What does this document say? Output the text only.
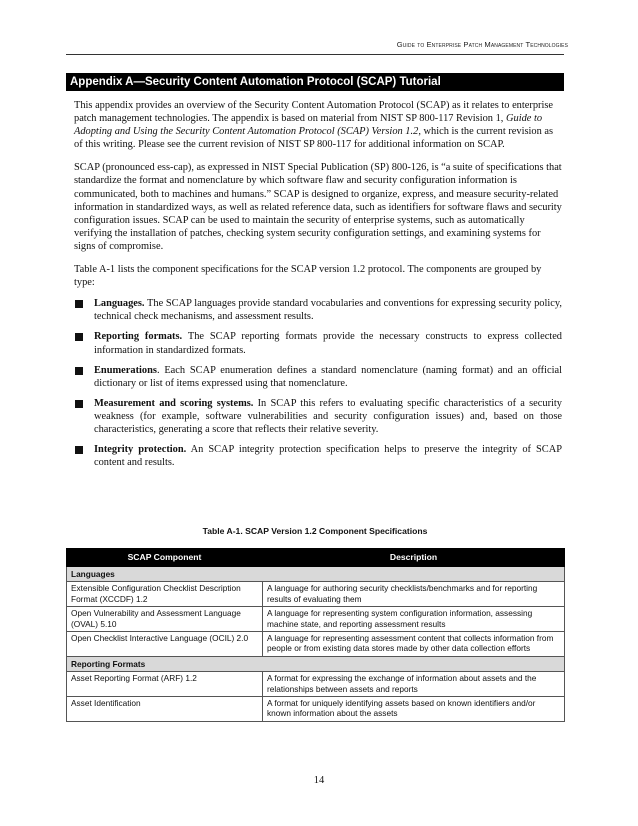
Guide to Enterprise Patch Management Technologies
Appendix A—Security Content Automation Protocol (SCAP) Tutorial

This appendix provides an overview of the Security Content Automation Protocol (SCAP) as it relates to enterprise patch management technologies. The appendix is based on material from NIST SP 800-117 Revision 1, Guide to Adopting and Using the Security Content Automation Protocol (SCAP) Version 1.2, which is the current revision as of this writing. Please see the current revision of NIST SP 800-117 for additional information on SCAP.

SCAP (pronounced ess-cap), as expressed in NIST Special Publication (SP) 800-126, is “a suite of specifications that standardize the format and nomenclature by which software flaw and security configuration information is communicated, both to machines and humans.” SCAP is designed to organize, express, and measure security-related information in standardized ways, as well as related reference data, such as identifiers for software flaws and security configuration issues. SCAP can be used to maintain the security of enterprise systems, such as automatically verifying the installation of patches, checking system security configuration settings, and examining systems for signs of compromise.

Table A-1 lists the component specifications for the SCAP version 1.2 protocol. The components are grouped by type:

Languages. The SCAP languages provide standard vocabularies and conventions for expressing security policy, technical check mechanisms, and assessment results.
Reporting formats. The SCAP reporting formats provide the necessary constructs to express collected information in standardized formats.
Enumerations. Each SCAP enumeration defines a standard nomenclature (naming format) and an official dictionary or list of items expressed using that nomenclature.
Measurement and scoring systems. In SCAP this refers to evaluating specific characteristics of a security weakness (for example, software vulnerabilities and security configuration issues) and, based on those characteristics, generating a score that reflects their relative severity.
Integrity protection. An SCAP integrity protection specification helps to preserve the integrity of SCAP content and results.
Table A-1. SCAP Version 1.2 Component Specifications
SCAP Component	Description
Languages	
Extensible Configuration Checklist Description Format (XCCDF) 1.2	A language for authoring security checklists/benchmarks and for reporting results of evaluating them
Open Vulnerability and Assessment Language (OVAL) 5.10	A language for representing system configuration information, assessing machine state, and reporting assessment results
Open Checklist Interactive Language (OCIL) 2.0	A language for representing assessment content that collects information from people or from existing data stores made by other data collection efforts
Reporting Formats	
Asset Reporting Format (ARF) 1.2	A format for expressing the exchange of information about assets and the relationships between assets and reports
Asset Identification	A format for uniquely identifying assets based on known identifiers and/or known information about the assets
14
